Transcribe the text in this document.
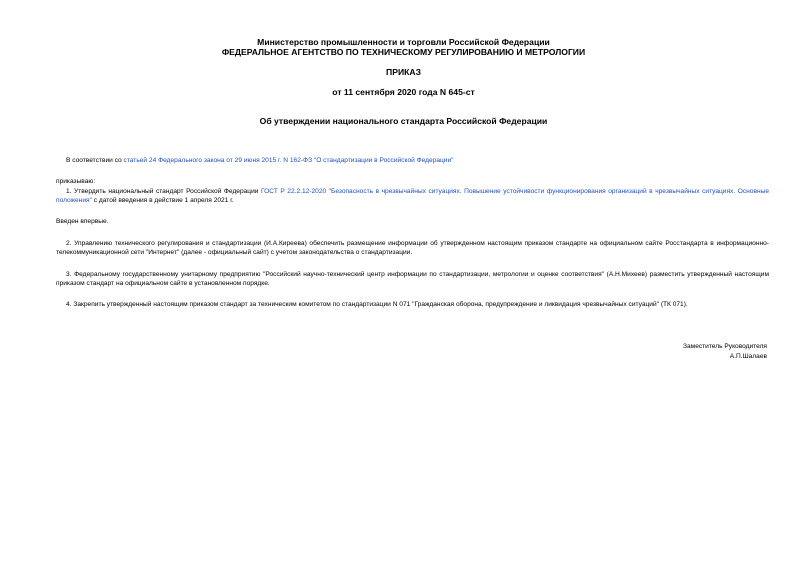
Министерство промышленности и торговли Российской Федерации
ФЕДЕРАЛЬНОЕ АГЕНТСТВО ПО ТЕХНИЧЕСКОМУ РЕГУЛИРОВАНИЮ И МЕТРОЛОГИИ
ПРИКАЗ
от 11 сентября 2020 года N 645-ст
Об утверждении национального стандарта Российской Федерации
В соответствии со статьей 24 Федерального закона от 29 июня 2015 г. N 162-ФЗ "О стандартизации в Российской Федерации"
приказываю:
1. Утвердить национальный стандарт Российской Федерации ГОСТ Р 22.2.12-2020 "Безопасность в чрезвычайных ситуациях. Повышение устойчивости функционирования организаций в чрезвычайных ситуациях. Основные положения" с датой введения в действие 1 апреля 2021 г.
Введен впервые.
2. Управлению технического регулирования и стандартизации (И.А.Киреева) обеспечить размещение информации об утвержденном настоящим приказом стандарте на официальном сайте Росстандарта в информационно-телекоммуникационной сети "Интернет" (далее - официальный сайт) с учетом законодательства о стандартизации.
3. Федеральному государственному унитарному предприятию "Российский научно-технический центр информации по стандартизации, метрологии и оценке соответствия" (А.Н.Михеев) разместить утвержденный настоящим приказом стандарт на официальном сайте в установленном порядке.
4. Закрепить утвержденный настоящим приказом стандарт за техническим комитетом по стандартизации N 071 "Гражданская оборона, предупреждение и ликвидация чрезвычайных ситуаций" (ТК 071).
Заместитель Руководителя
А.П.Шалаев
